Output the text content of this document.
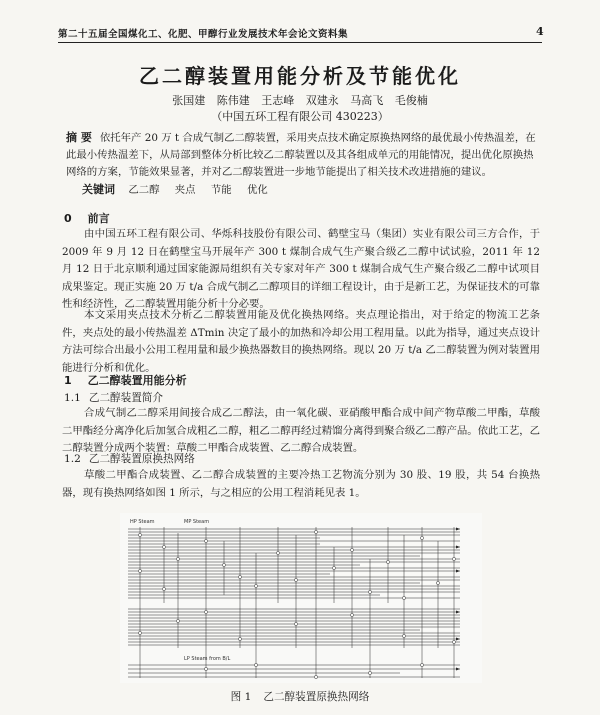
第二十五届全国煤化工、化肥、甲醇行业发展技术年会论文资料集	4
乙二醇装置用能分析及节能优化
张国建 陈伟建 王志峰 双建永 马高飞 毛俊楠
（中国五环工程有限公司 430223）
摘 要 依托年产 20 万 t 合成气制乙二醇装置，采用夹点技术确定原换热网络的最优最小传热温差，在此最小传热温差下，从局部到整体分析比较乙二醇装置以及其各组成单元的用能情况，提出优化原换热网络的方案，节能效果显著，并对乙二醇装置进一步地节能提出了相关技术改进措施的建议。
关键词 乙二醇 夹点 节能 优化
0 前言
由中国五环工程有限公司、华烁科技股份有限公司、鹤壁宝马（集团）实业有限公司三方合作，于 2009 年 9 月 12 日在鹤壁宝马开展年产 300 t 煤制合成气生产聚合级乙二醇中试试验，2011 年 12 月 12 日于北京顺利通过国家能源局组织有关专家对年产 300 t 煤制合成气生产聚合级乙二醇中试项目成果鉴定。现正实施 20 万 t/a 合成气制乙二醇项目的详细工程设计，由于是新工艺，为保证技术的可靠性和经济性，乙二醇装置用能分析十分必要。
本文采用夹点技术分析乙二醇装置用能及优化换热网络。夹点理论指出，对于给定的物流工艺条件，夹点处的最小传热温差 ΔTmin 决定了最小的加热和冷却公用工程用量。以此为指导，通过夹点设计方法可综合出最小公用工程用量和最少换热器数目的换热网络。现以 20 万 t/a 乙二醇装置为例对装置用能进行分析和优化。
1 乙二醇装置用能分析
1.1 乙二醇装置简介
合成气制乙二醇采用间接合成乙二醇法，由一氧化碳、亚硝酸甲酯合成中间产物草酸二甲酯，草酸二甲酯经分离净化后加氢合成粗乙二醇，粗乙二醇再经过精馏分离得到聚合级乙二醇产品。依此工艺，乙二醇装置分成两个装置：草酸二甲酯合成装置、乙二醇合成装置。
1.2 乙二醇装置原换热网络
草酸二甲酯合成装置、乙二醇合成装置的主要冷热工艺物流分别为 30 股、19 股，共 54 台换热器，现有换热网络如图 1 所示，与之相应的公用工程消耗见表 1。
HP Steam	MP Steam
LP Steam from B/L
图 1 乙二醇装置原换热网络
